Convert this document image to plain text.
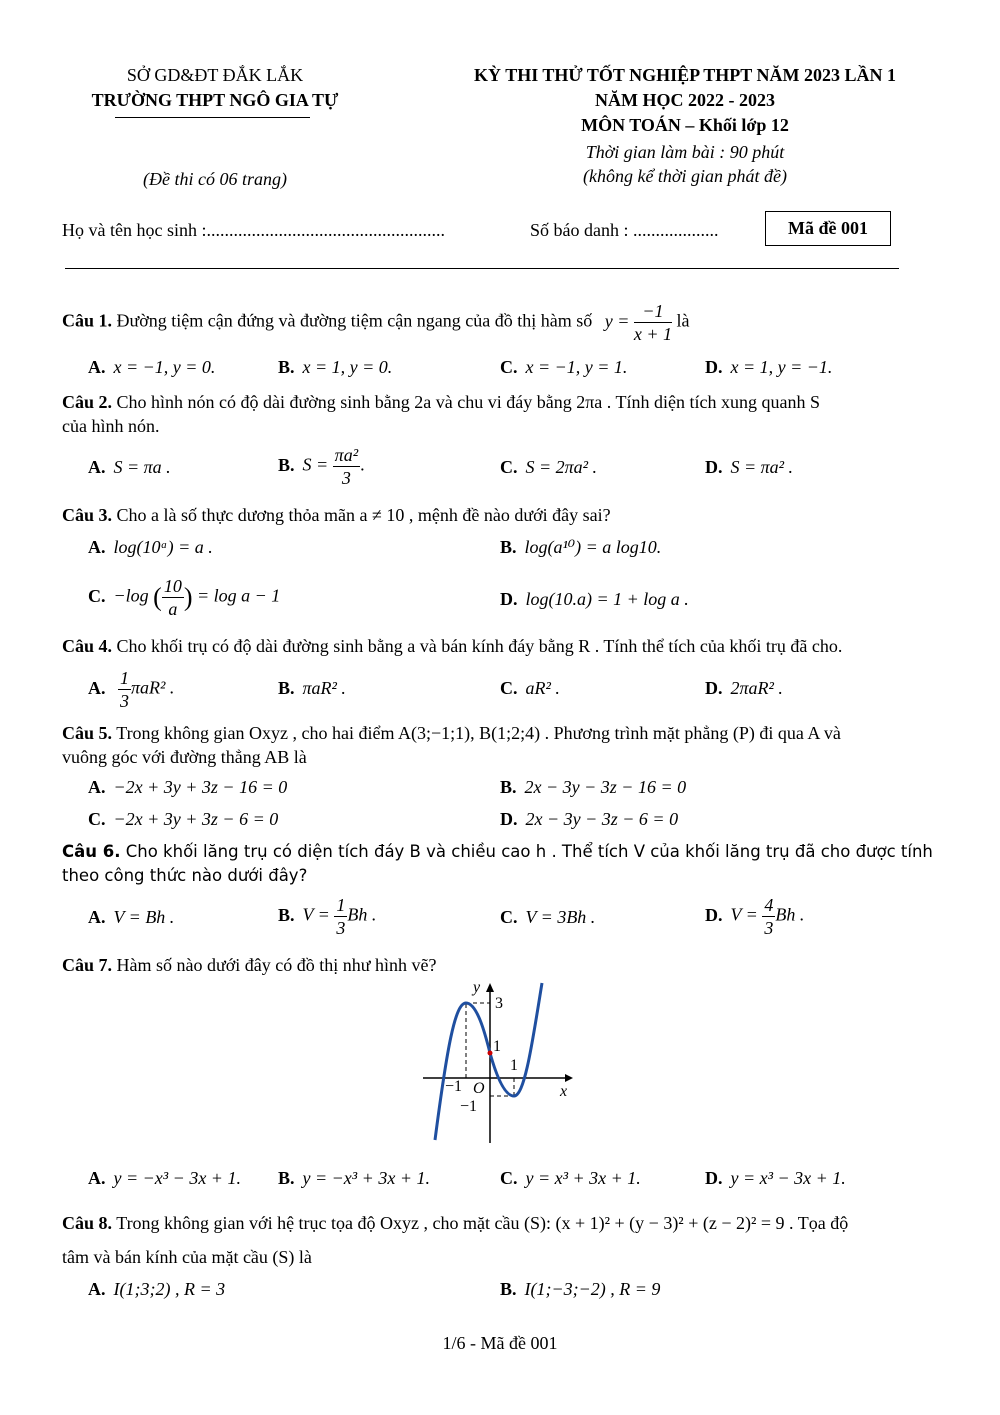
SỞ GD&ĐT ĐẮK LẮK
TRƯỜNG THPT NGÔ GIA TỰ
(Đề thi có 06 trang)
KỲ THI THỬ TỐT NGHIỆP THPT NĂM 2023 LẦN 1
NĂM HỌC 2022 - 2023
MÔN TOÁN – Khối lớp 12
Thời gian làm bài : 90 phút
(không kể thời gian phát đề)
Họ và tên học sinh :.....................................................	Số báo danh : ...................	Mã đề 001
Câu 1. Đường tiệm cận đứng và đường tiệm cận ngang của đồ thị hàm số $y = \frac{-1}{x + 1}$ là
A. x = −1, y = 0.	B. x = 1, y = 0.	C. x = −1, y = 1.	D. x = 1, y = −1.
Câu 2. Cho hình nón có độ dài đường sinh bằng 2a và chu vi đáy bằng 2πa . Tính diện tích xung quanh S
của hình nón.
A. S = πa .	B. $S = \frac{\text{πa²}}{3}$ .	C. S = 2πa² .	D. S = πa² .
Câu 3. Cho a là số thực dương thỏa mãn a ≠ 10 , mệnh đề nào dưới đây sai?
A. log(10ᵃ) = a .	B. log(a¹⁰) = a log10.
C. −log ( $\frac{10}{a}$ ) = log a − 1	D. log(10.a) = 1 + log a .
Câu 4. Cho khối trụ có độ dài đường sinh bằng a và bán kính đáy bằng R . Tính thể tích của khối trụ đã cho.
A. $\frac{1}{3} \pi aR^2$ .	B. πaR² .	C. aR² .	D. 2πaR² .
Câu 5. Trong không gian Oxyz , cho hai điểm A(3;−1;1), B(1;2;4) . Phương trình mặt phẳng (P) đi qua A và
vuông góc với đường thẳng AB là
A. −2x + 3y + 3z − 16 = 0	B. 2x − 3y − 3z − 16 = 0
C. −2x + 3y + 3z − 6 = 0	D. 2x − 3y − 3z − 6 = 0
Câu 6. Cho khối lăng trụ có diện tích đáy B và chiều cao h . Thể tích V của khối lăng trụ đã cho được tính
theo công thức nào dưới đây?
A. V = Bh .	B. $V = \frac{1}{3}$ Bh .	C. V = 3Bh .	D. $V = \frac{4}{3}$ Bh .
Câu 7. Hàm số nào dưới đây có đồ thị như hình vẽ?
y
x
O
3
1
1
−1
−1
A. y = −x³ − 3x + 1. B. y = −x³ + 3x + 1.	C. y = x³ + 3x + 1.	D. y = x³ − 3x + 1.
Câu 8. Trong không gian với hệ trục tọa độ Oxyz , cho mặt cầu (S): (x + 1)² + (y − 3)² + (z − 2)² = 9 . Tọa độ
tâm và bán kính của mặt cầu (S) là
A. I(1;3;2) , R = 3	B. I(1;−3;−2) , R = 9
1/6 - Mã đề 001
